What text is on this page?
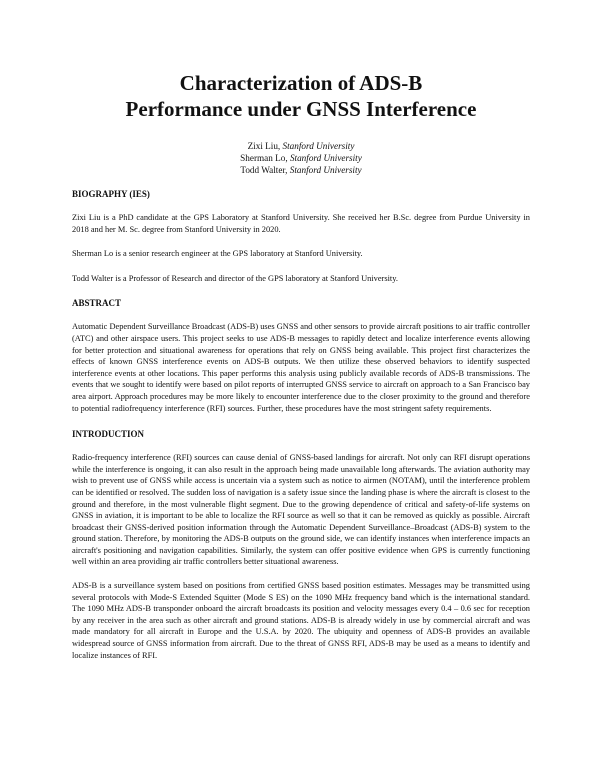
Characterization of ADS-B
Performance under GNSS Interference
Zixi Liu, Stanford University
Sherman Lo, Stanford University
Todd Walter, Stanford University
BIOGRAPHY (IES)

Zixi Liu is a PhD candidate at the GPS Laboratory at Stanford University. She received her B.Sc. degree from Purdue University in 2018 and her M. Sc. degree from Stanford University in 2020.

Sherman Lo is a senior research engineer at the GPS laboratory at Stanford University.

Todd Walter is a Professor of Research and director of the GPS laboratory at Stanford University.

ABSTRACT

Automatic Dependent Surveillance Broadcast (ADS-B) uses GNSS and other sensors to provide aircraft positions to air traffic controller (ATC) and other airspace users. This project seeks to use ADS-B messages to rapidly detect and localize interference events allowing for better protection and situational awareness for operations that rely on GNSS being available. This project first characterizes the effects of known GNSS interference events on ADS-B outputs. We then utilize these observed behaviors to identify suspected interference events at other locations. This paper performs this analysis using publicly available records of ADS-B transmissions. The events that we sought to identify were based on pilot reports of interrupted GNSS service to aircraft on approach to a San Francisco bay area airport. Approach procedures may be more likely to encounter interference due to the closer proximity to the ground and therefore to potential radiofrequency interference (RFI) sources. Further, these procedures have the most stringent safety requirements.

INTRODUCTION

Radio-frequency interference (RFI) sources can cause denial of GNSS-based landings for aircraft. Not only can RFI disrupt operations while the interference is ongoing, it can also result in the approach being made unavailable long afterwards. The aviation authority may wish to prevent use of GNSS while access is uncertain via a system such as notice to airmen (NOTAM), until the interference problem can be identified or resolved. The sudden loss of navigation is a safety issue since the landing phase is where the aircraft is closest to the ground and therefore, in the most vulnerable flight segment. Due to the growing dependence of critical and safety-of-life systems on GNSS in aviation, it is important to be able to localize the RFI source as well so that it can be removed as quickly as possible. Aircraft broadcast their GNSS-derived position information through the Automatic Dependent Surveillance–Broadcast (ADS-B) system to the ground station. Therefore, by monitoring the ADS-B outputs on the ground side, we can identify instances when interference impacts an aircraft's positioning and navigation capabilities. Similarly, the system can offer positive evidence when GPS is currently functioning well within an area providing air traffic controllers better situational awareness.

ADS-B is a surveillance system based on positions from certified GNSS based position estimates. Messages may be transmitted using several protocols with Mode-S Extended Squitter (Mode S ES) on the 1090 MHz frequency band which is the international standard. The 1090 MHz ADS-B transponder onboard the aircraft broadcasts its position and velocity messages every 0.4 – 0.6 sec for reception by any receiver in the area such as other aircraft and ground stations. ADS-B is already widely in use by commercial aircraft and was made mandatory for all aircraft in Europe and the U.S.A. by 2020. The ubiquity and openness of ADS-B provides an available widespread source of GNSS information from aircraft. Due to the threat of GNSS RFI, ADS-B may be used as a means to identify and localize instances of RFI.
